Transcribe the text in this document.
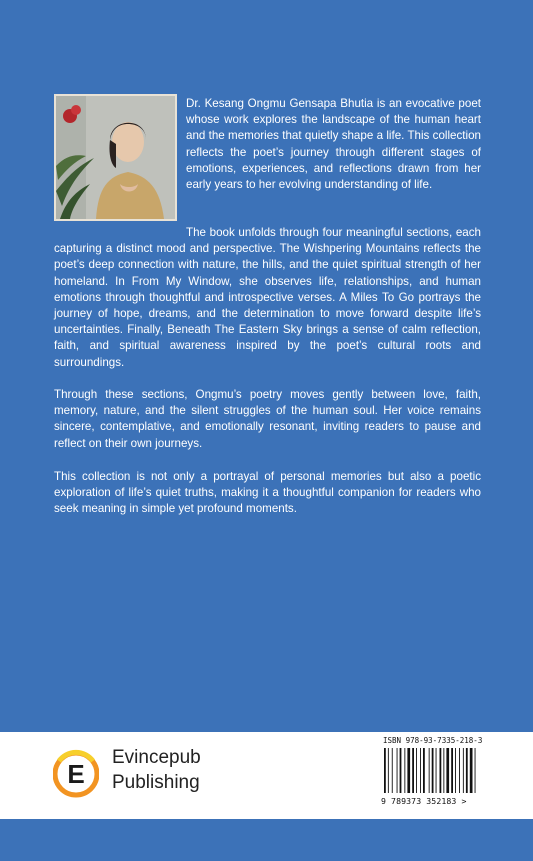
Dr. Kesang Ongmu Gensapa Bhutia is an evocative poet whose work explores the landscape of the human heart and the memories that quietly shape a life. This collection reflects the poet’s journey through different stages of emotions, experiences, and reflections drawn from her early years to her evolving understanding of life.

The book unfolds through four meaningful sections, each capturing a distinct mood and perspective. The Wishpering Mountains reflects the poet’s deep connection with nature, the hills, and the quiet spiritual strength of her homeland. In From My Window, she observes life, relationships, and human emotions through thoughtful and introspective verses. A Miles To Go portrays the journey of hope, dreams, and the determination to move forward despite life’s uncertainties. Finally, Beneath The Eastern Sky brings a sense of calm reflection, faith, and spiritual awareness inspired by the poet’s cultural roots and surroundings.

Through these sections, Ongmu’s poetry moves gently between love, faith, memory, nature, and the silent struggles of the human soul. Her voice remains sincere, contemplative, and emotionally resonant, inviting readers to pause and reflect on their own journeys.

This collection is not only a portrayal of personal memories but also a poetic exploration of life’s quiet truths, making it a thoughtful companion for readers who seek meaning in simple yet profound moments.

E
Evincepub
Publishing
ISBN 978-93-7335-218-3
9 789373 352183 >
